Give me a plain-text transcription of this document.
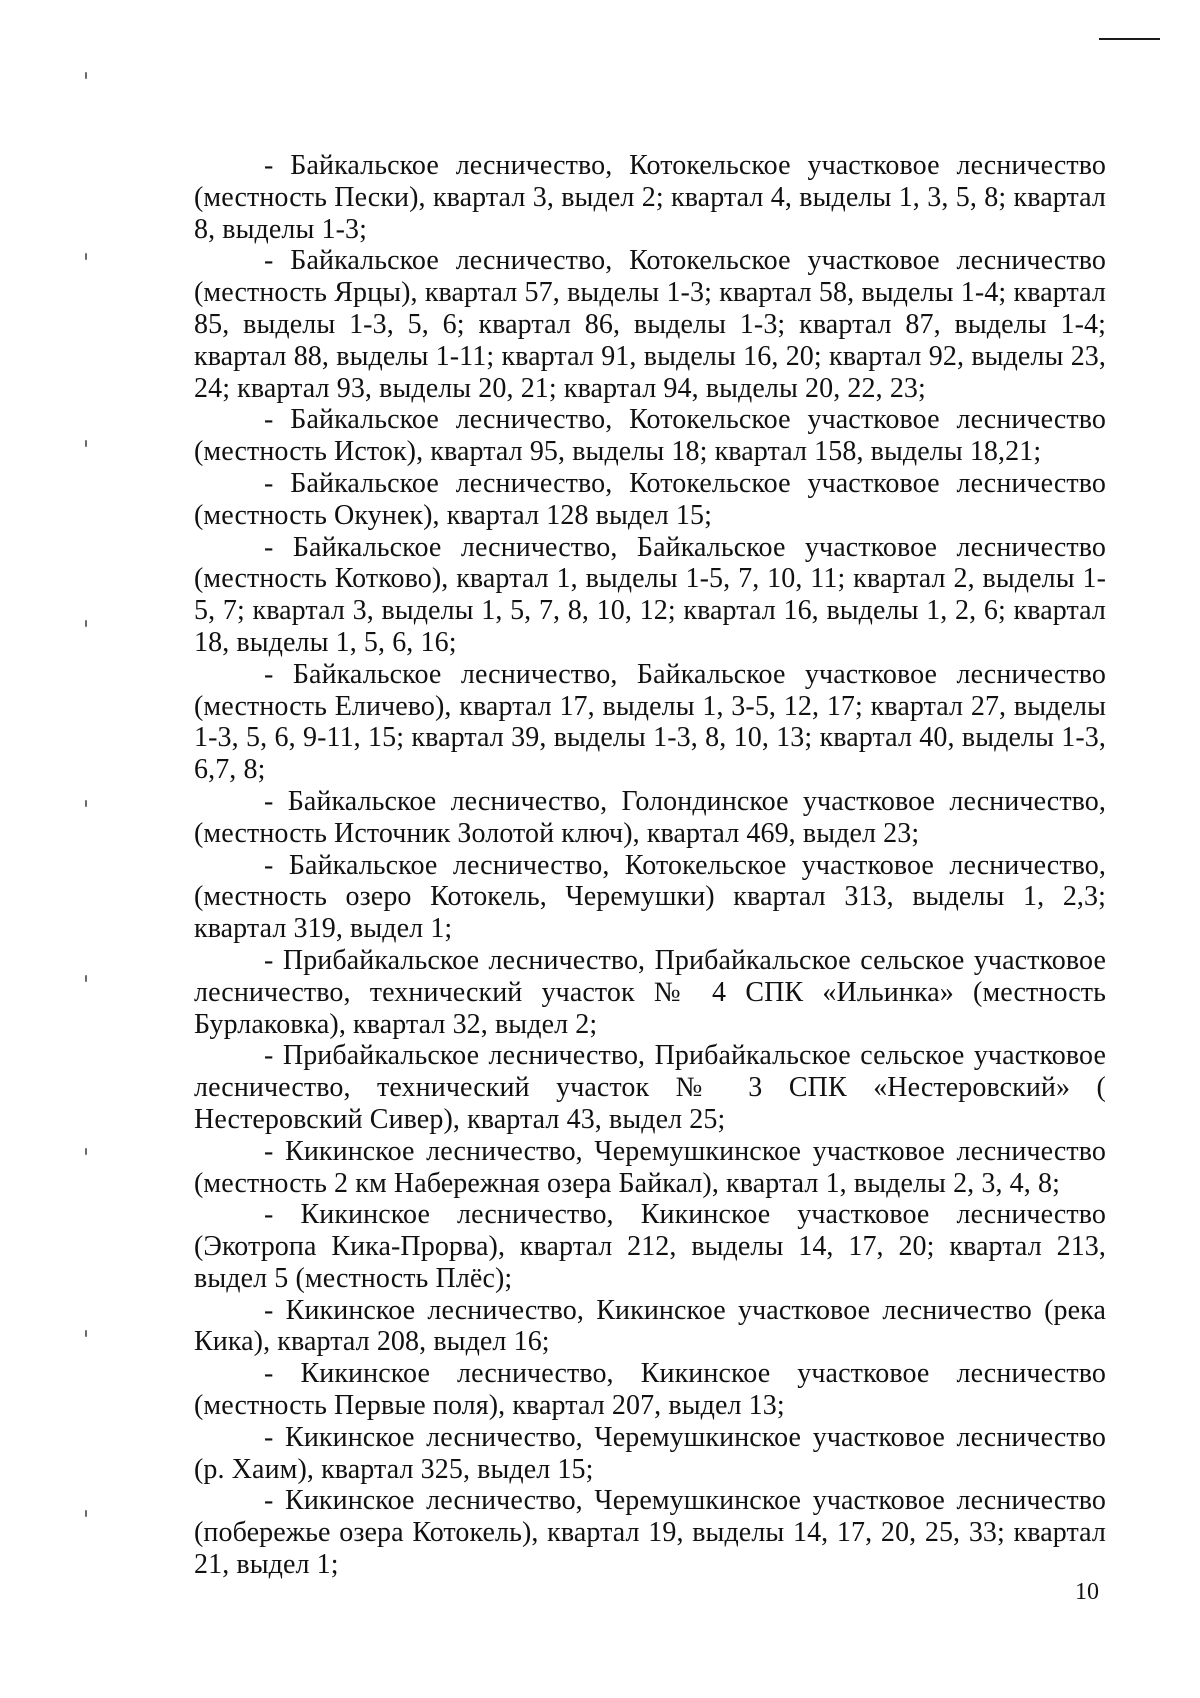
- Байкальское лесничество, Котокельское участковое лесничество (местность Пески), квартал 3, выдел 2; квартал 4, выделы 1, 3, 5, 8; квартал 8, выделы 1-3;

- Байкальское лесничество, Котокельское участковое лесничество (местность Ярцы), квартал 57, выделы 1-3; квартал 58, выделы 1-4; квартал 85, выделы 1-3, 5, 6; квартал 86, выделы 1-3; квартал 87, выделы 1-4; квартал 88, выделы 1-11; квартал 91, выделы 16, 20; квартал 92, выделы 23, 24; квартал 93, выделы 20, 21; квартал 94, выделы 20, 22, 23;

- Байкальское лесничество, Котокельское участковое лесничество (местность Исток), квартал 95, выделы 18; квартал 158, выделы 18,21;

- Байкальское лесничество, Котокельское участковое лесничество (местность Окунек), квартал 128 выдел 15;

- Байкальское лесничество, Байкальское участковое лесничество (местность Котково), квартал 1, выделы 1-5, 7, 10, 11; квартал 2, выделы 1-5, 7; квартал 3, выделы 1, 5, 7, 8, 10, 12; квартал 16, выделы 1, 2, 6; квартал 18, выделы 1, 5, 6, 16;

- Байкальское лесничество, Байкальское участковое лесничество (местность Еличево), квартал 17, выделы 1, 3-5, 12, 17; квартал 27, выделы 1-3, 5, 6, 9-11, 15; квартал 39, выделы 1-3, 8, 10, 13; квартал 40, выделы 1-3, 6,7, 8;

- Байкальское лесничество, Голондинское участковое лесничество, (местность Источник Золотой ключ), квартал 469, выдел 23;

- Байкальское лесничество, Котокельское участковое лесничество, (местность озеро Котокель, Черемушки) квартал 313, выделы 1, 2,3; квартал 319, выдел 1;

- Прибайкальское лесничество, Прибайкальское сельское участковое лесничество, технический участок № 4 СПК «Ильинка» (местность Бурлаковка), квартал 32, выдел 2;

- Прибайкальское лесничество, Прибайкальское сельское участковое лесничество, технический участок № 3 СПК «Нестеровский» ( Нестеровский Сивер), квартал 43, выдел 25;

- Кикинское лесничество, Черемушкинское участковое лесничество (местность 2 км Набережная озера Байкал), квартал 1, выделы 2, 3, 4, 8;

- Кикинское лесничество, Кикинское участковое лесничество (Экотропа Кика-Прорва), квартал 212, выделы 14, 17, 20; квартал 213, выдел 5 (местность Плёс);

- Кикинское лесничество, Кикинское участковое лесничество (река Кика), квартал 208, выдел 16;

- Кикинское лесничество, Кикинское участковое лесничество (местность Первые поля), квартал 207, выдел 13;

- Кикинское лесничество, Черемушкинское участковое лесничество (р. Хаим), квартал 325, выдел 15;

- Кикинское лесничество, Черемушкинское участковое лесничество (побережье озера Котокель), квартал 19, выделы 14, 17, 20, 25, 33; квартал 21, выдел 1;

10
